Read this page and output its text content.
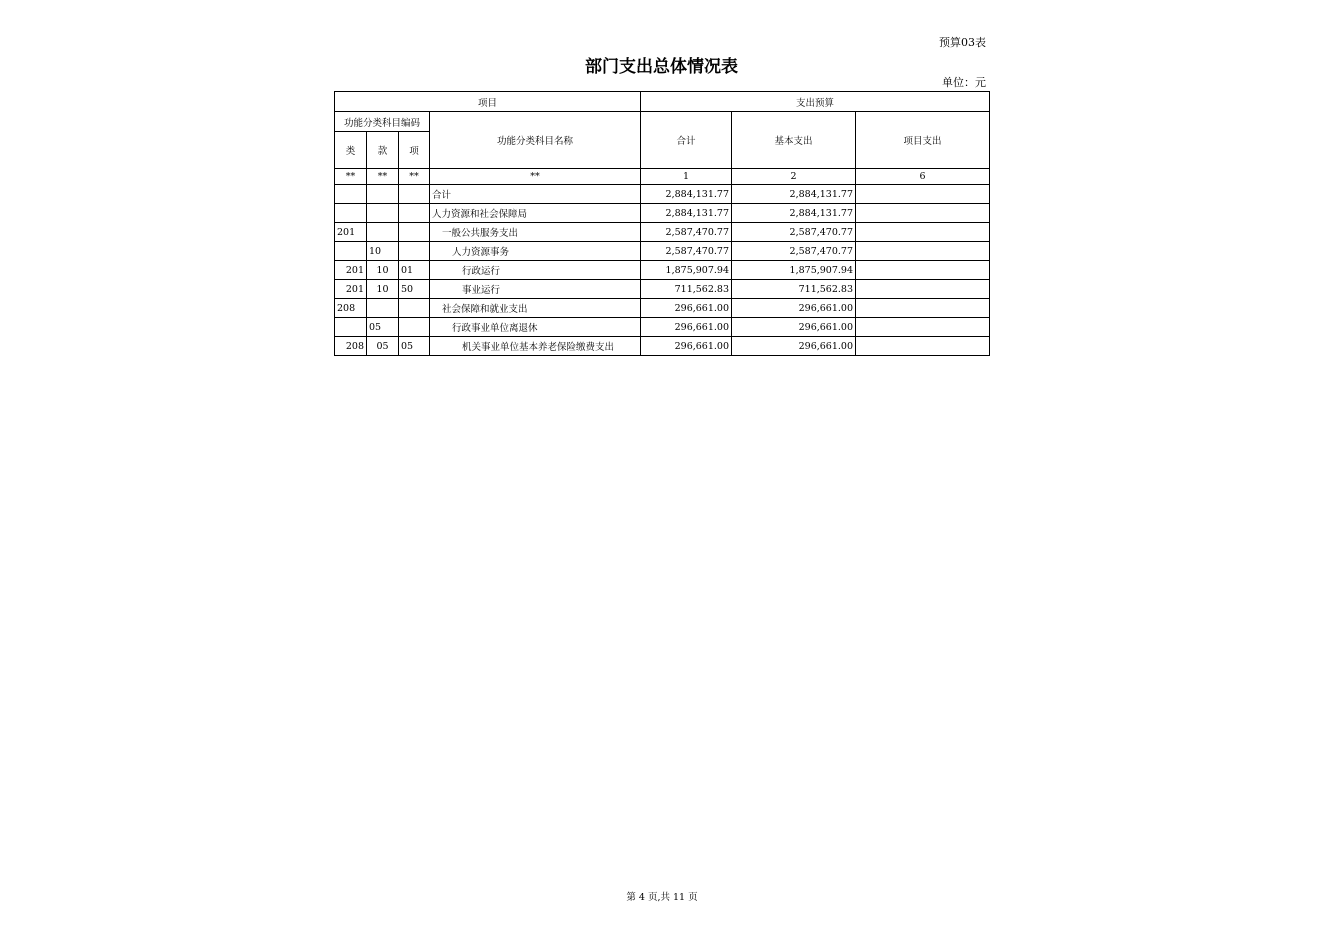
预算03表
部门支出总体情况表
单位：元
项目				支出预算		
功能分类科目编码			功能分类科目名称	合计	基本支出	项目支出
类	款	项				
**	**	**	**	1	2	6
			合计	2,884,131.77	2,884,131.77	
			人力资源和社会保障局	2,884,131.77	2,884,131.77	
201			一般公共服务支出	2,587,470.77	2,587,470.77	
	10		人力资源事务	2,587,470.77	2,587,470.77	
201	10	01	行政运行	1,875,907.94	1,875,907.94	
201	10	50	事业运行	711,562.83	711,562.83	
208			社会保障和就业支出	296,661.00	296,661.00	
	05		行政事业单位离退休	296,661.00	296,661.00	
208	05	05	机关事业单位基本养老保险缴费支出	296,661.00	296,661.00	
第 4 页,共 11 页
